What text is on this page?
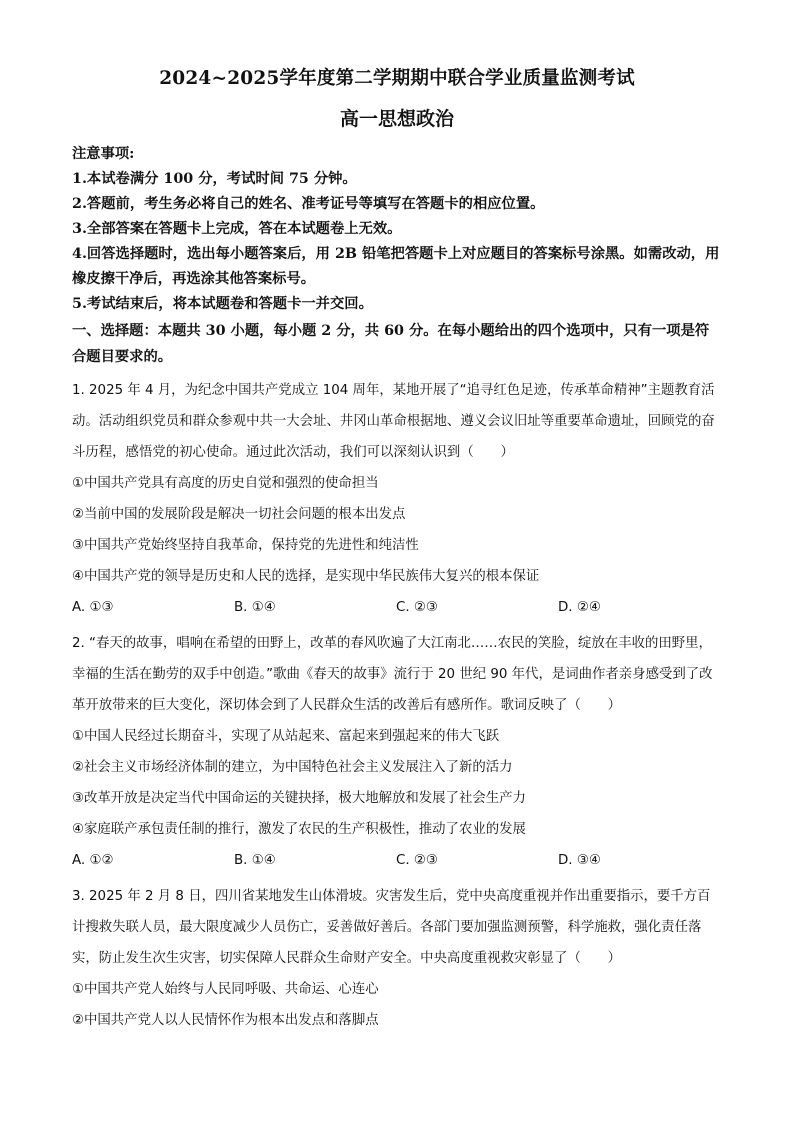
2024~2025学年度第二学期期中联合学业质量监测考试
高一思想政治

注意事项:

1.本试卷满分 100 分，考试时间 75 分钟。

2.答题前，考生务必将自己的姓名、准考证号等填写在答题卡的相应位置。

3.全部答案在答题卡上完成，答在本试题卷上无效。

4.回答选择题时，选出每小题答案后，用 2B 铅笔把答题卡上对应题目的答案标号涂黑。如需改动，用橡皮擦干净后，再选涂其他答案标号。

5.考试结束后，将本试题卷和答题卡一并交回。

一、选择题：本题共 30 小题，每小题 2 分，共 60 分。在每小题给出的四个选项中，只有一项是符合题目要求的。

1. 2025 年 4 月，为纪念中国共产党成立 104 周年，某地开展了“追寻红色足迹，传承革命精神”主题教育活动。活动组织党员和群众参观中共一大会址、井冈山革命根据地、遵义会议旧址等重要革命遗址，回顾党的奋斗历程，感悟党的初心使命。通过此次活动，我们可以深刻认识到（　　）

①中国共产党具有高度的历史自觉和强烈的使命担当

②当前中国的发展阶段是解决一切社会问题的根本出发点

③中国共产党始终坚持自我革命，保持党的先进性和纯洁性

④中国共产党的领导是历史和人民的选择，是实现中华民族伟大复兴的根本保证

A. ①③	B. ①④	C. ②③	D. ②④

2. “春天的故事，唱响在希望的田野上，改革的春风吹遍了大江南北……农民的笑脸，绽放在丰收的田野里，幸福的生活在勤劳的双手中创造。”歌曲《春天的故事》流行于 20 世纪 90 年代，是词曲作者亲身感受到了改革开放带来的巨大变化，深切体会到了人民群众生活的改善后有感所作。歌词反映了（　　）

①中国人民经过长期奋斗，实现了从站起来、富起来到强起来的伟大飞跃

②社会主义市场经济体制的建立，为中国特色社会主义发展注入了新的活力

③改革开放是决定当代中国命运的关键抉择，极大地解放和发展了社会生产力

④家庭联产承包责任制的推行，激发了农民的生产积极性，推动了农业的发展

A. ①②	B. ①④	C. ②③	D. ③④

3. 2025 年 2 月 8 日，四川省某地发生山体滑坡。灾害发生后，党中央高度重视并作出重要指示，要千方百计搜救失联人员，最大限度减少人员伤亡，妥善做好善后。各部门要加强监测预警，科学施救，强化责任落实，防止发生次生灾害，切实保障人民群众生命财产安全。中央高度重视救灾彰显了（　　）

①中国共产党人始终与人民同呼吸、共命运、心连心

②中国共产党人以人民情怀作为根本出发点和落脚点
